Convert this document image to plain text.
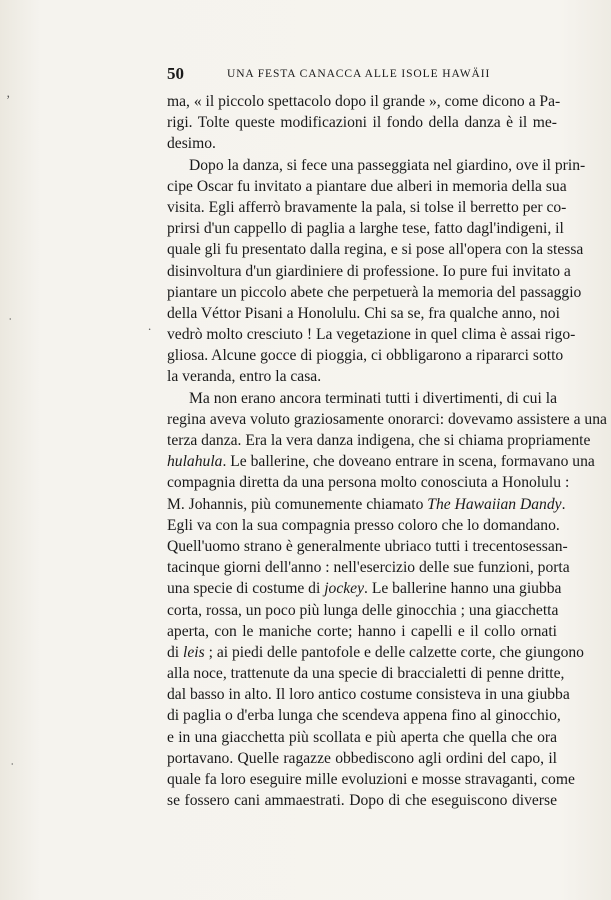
50	UNA FESTA CANACCA ALLE ISOLE HAWÄII
ma, « il piccolo spettacolo dopo il grande », come dicono a Pa-
rigi. Tolte queste modificazioni il fondo della danza è il me-
desimo.
Dopo la danza, si fece una passeggiata nel giardino, ove il prin-
cipe Oscar fu invitato a piantare due alberi in memoria della sua
visita. Egli afferrò bravamente la pala, si tolse il berretto per co-
prirsi d'un cappello di paglia a larghe tese, fatto dagl'indigeni, il
quale gli fu presentato dalla regina, e si pose all'opera con la stessa
disinvoltura d'un giardiniere di professione. Io pure fui invitato a
piantare un piccolo abete che perpetuerà la memoria del passaggio
della Véttor Pisani a Honolulu. Chi sa se, fra qualche anno, noi
vedrò molto cresciuto ! La vegetazione in quel clima è assai rigo-
gliosa. Alcune gocce di pioggia, ci obbligarono a ripararci sotto
la veranda, entro la casa.
Ma non erano ancora terminati tutti i divertimenti, di cui la
regina aveva voluto graziosamente onorarci: dovevamo assistere a una
terza danza. Era la vera danza indigena, che si chiama propriamente
hulahula. Le ballerine, che doveano entrare in scena, formavano una
compagnia diretta da una persona molto conosciuta a Honolulu :
M. Johannis, più comunemente chiamato The Hawaiian Dandy.
Egli va con la sua compagnia presso coloro che lo domandano.
Quell'uomo strano è generalmente ubriaco tutti i trecentosessan-
tacinque giorni dell'anno : nell'esercizio delle sue funzioni, porta
una specie di costume di jockey. Le ballerine hanno una giubba
corta, rossa, un poco più lunga delle ginocchia ; una giacchetta
aperta, con le maniche corte; hanno i capelli e il collo ornati
di leis ; ai piedi delle pantofole e delle calzette corte, che giungono
alla noce, trattenute da una specie di braccialetti di penne dritte,
dal basso in alto. Il loro antico costume consisteva in una giubba
di paglia o d'erba lunga che scendeva appena fino al ginocchio,
e in una giacchetta più scollata e più aperta che quella che ora
portavano. Quelle ragazze obbediscono agli ordini del capo, il
quale fa loro eseguire mille evoluzioni e mosse stravaganti, come
se fossero cani ammaestrati. Dopo di che eseguiscono diverse
ʼ
.
ˌ
ˈ
